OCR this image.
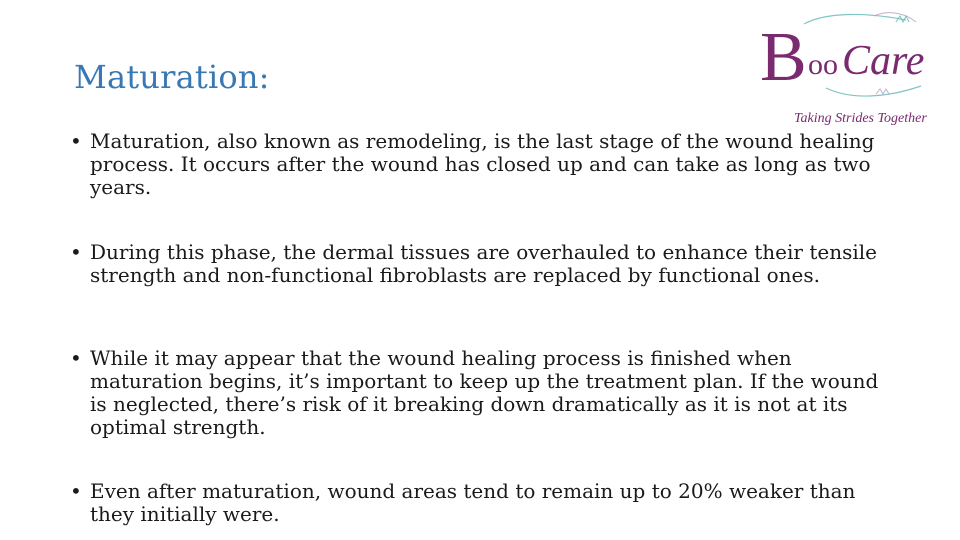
Maturation:	B oo Care
Taking Strides Together
• Maturation, also known as remodeling, is the last stage of the wound healing process. It occurs after the wound has closed up and can take as long as two years.
• During this phase, the dermal tissues are overhauled to enhance their tensile strength and non-functional fibroblasts are replaced by functional ones.
• While it may appear that the wound healing process is finished when maturation begins, it’s important to keep up the treatment plan. If the wound is neglected, there’s risk of it breaking down dramatically as it is not at its optimal strength.
• Even after maturation, wound areas tend to remain up to 20% weaker than they initially were.
